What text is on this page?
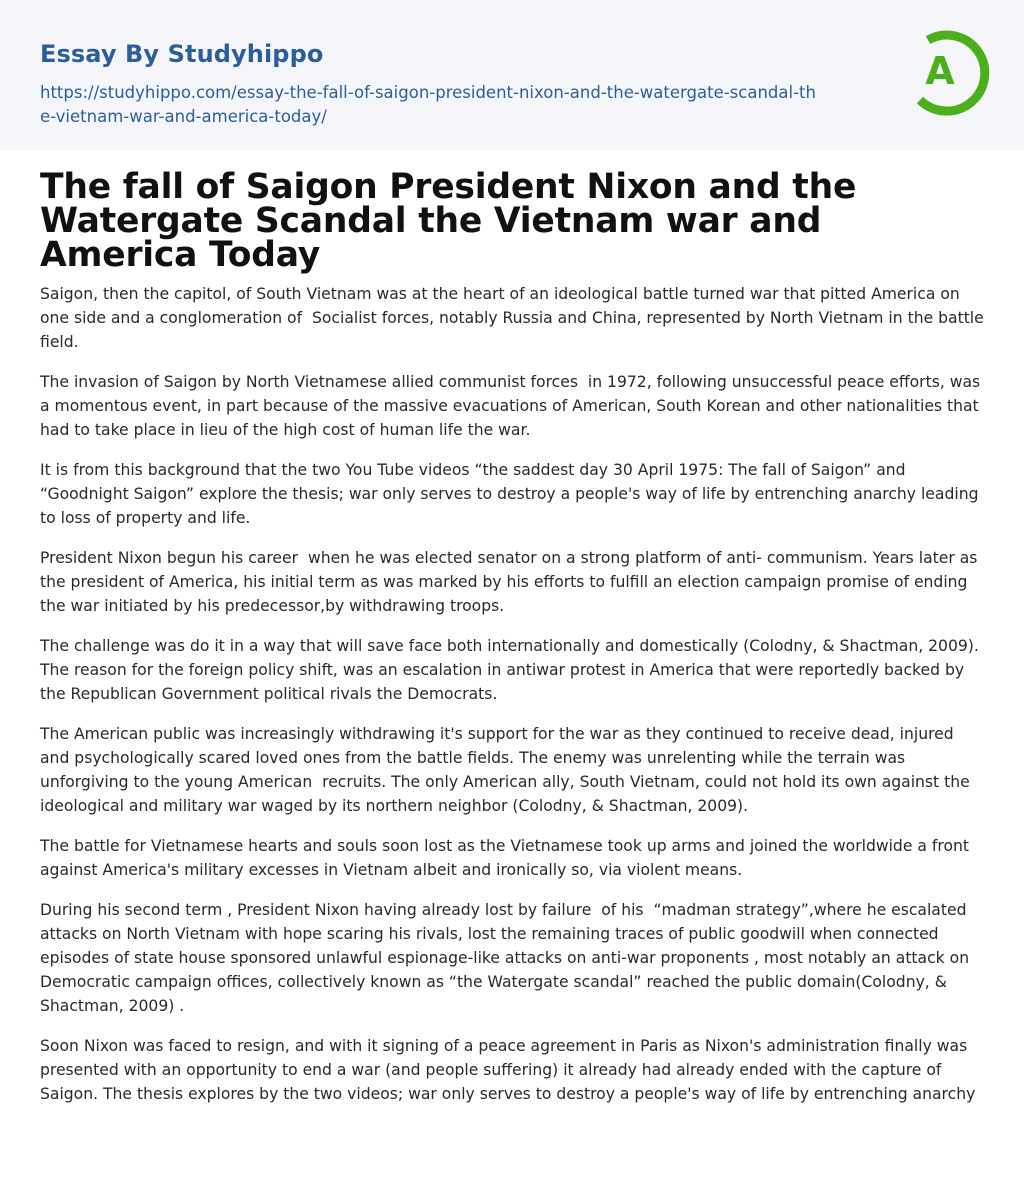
Essay By Studyhippo
https://studyhippo.com/essay-the-fall-of-saigon-president-nixon-and-the-watergate-scandal-the-vietnam-war-and-america-today/
A
The fall of Saigon President Nixon and the Watergate Scandal the Vietnam war and America Today

Saigon, then the capitol, of South Vietnam was at the heart of an ideological battle turned war that pitted America on one side and a conglomeration of  Socialist forces, notably Russia and China, represented by North Vietnam in the battle field.

The invasion of Saigon by North Vietnamese allied communist forces  in 1972, following unsuccessful peace efforts, was a momentous event, in part because of the massive evacuations of American, South Korean and other nationalities that had to take place in lieu of the high cost of human life the war.

It is from this background that the two You Tube videos “the saddest day 30 April 1975: The fall of Saigon” and “Goodnight Saigon” explore the thesis; war only serves to destroy a people's way of life by entrenching anarchy leading to loss of property and life.

President Nixon begun his career  when he was elected senator on a strong platform of anti- communism. Years later as the president of America, his initial term as was marked by his efforts to fulfill an election campaign promise of ending the war initiated by his predecessor,by withdrawing troops.

The challenge was do it in a way that will save face both internationally and domestically (Colodny, & Shactman, 2009). The reason for the foreign policy shift, was an escalation in antiwar protest in America that were reportedly backed by the Republican Government political rivals the Democrats.

The American public was increasingly withdrawing it's support for the war as they continued to receive dead, injured and psychologically scared loved ones from the battle fields. The enemy was unrelenting while the terrain was unforgiving to the young American  recruits. The only American ally, South Vietnam, could not hold its own against the ideological and military war waged by its northern neighbor (Colodny, & Shactman, 2009).

The battle for Vietnamese hearts and souls soon lost as the Vietnamese took up arms and joined the worldwide a front against America's military excesses in Vietnam albeit and ironically so, via violent means.

During his second term , President Nixon having already lost by failure  of his  “madman strategy”,where he escalated attacks on North Vietnam with hope scaring his rivals, lost the remaining traces of public goodwill when connected episodes of state house sponsored unlawful espionage-like attacks on anti-war proponents , most notably an attack on Democratic campaign offices, collectively known as “the Watergate scandal” reached the public domain(Colodny, & Shactman, 2009) .

Soon Nixon was faced to resign, and with it signing of a peace agreement in Paris as Nixon's administration finally was presented with an opportunity to end a war (and people suffering) it already had already ended with the capture of Saigon. The thesis explores by the two videos; war only serves to destroy a people's way of life by entrenching anarchy
